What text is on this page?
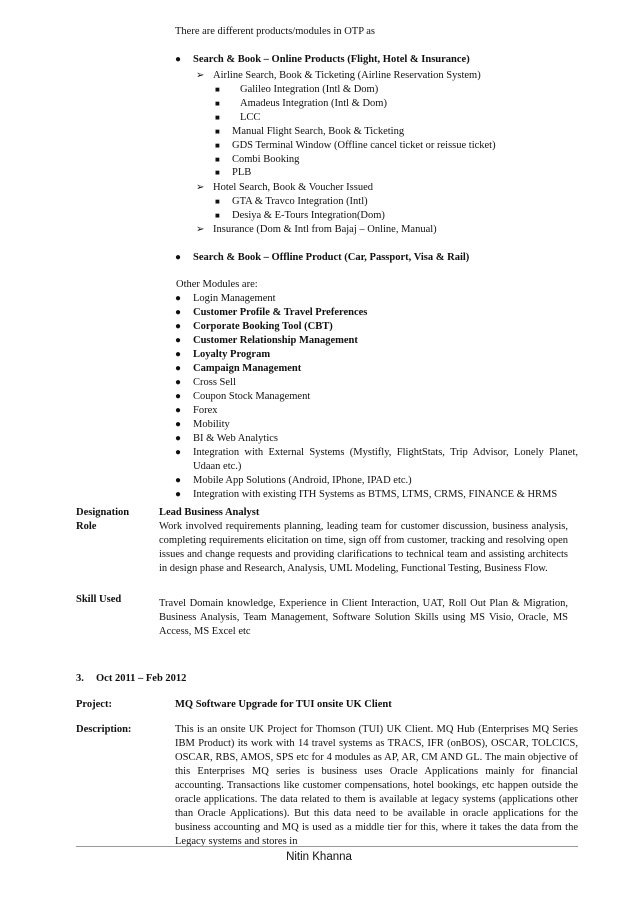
There are different products/modules in OTP as
● Search & Book – Online Products (Flight, Hotel & Insurance)
➢ Airline Search, Book & Ticketing (Airline Reservation System)
■ Galileo Integration (Intl & Dom)
■ Amadeus Integration (Intl & Dom)
■ LCC
■ Manual Flight Search, Book & Ticketing
■ GDS Terminal Window (Offline cancel ticket or reissue ticket)
■ Combi Booking
■ PLB
➢ Hotel Search, Book & Voucher Issued
■ GTA & Travco Integration (Intl)
■ Desiya & E-Tours Integration(Dom)
➢ Insurance (Dom & Intl from Bajaj – Online, Manual)
● Search & Book – Offline Product (Car, Passport, Visa & Rail)
Other Modules are:
● Login Management
● Customer Profile & Travel Preferences
● Corporate Booking Tool (CBT)
● Customer Relationship Management
● Loyalty Program
● Campaign Management
● Cross Sell
● Coupon Stock Management
● Forex
● Mobility
● BI & Web Analytics
● Integration with External Systems (Mystifly, FlightStats, Trip Advisor, Lonely Planet, Udaan etc.)
● Mobile App Solutions (Android, IPhone, IPAD etc.)
● Integration with existing ITH Systems as BTMS, LTMS, CRMS, FINANCE & HRMS
Designation	Lead Business Analyst
Role	Work involved requirements planning, leading team for customer discussion, business analysis, completing requirements elicitation on time, sign off from customer, tracking and resolving open issues and change requests and providing clarifications to technical team and assisting architects in design phase and Research, Analysis, UML Modeling, Functional Testing, Business Flow.
Skill Used	Travel Domain knowledge, Experience in Client Interaction, UAT, Roll Out Plan & Migration, Business Analysis, Team Management, Software Solution Skills using MS Visio, Oracle, MS Access, MS Excel etc
3. Oct 2011 – Feb 2012
Project:	MQ Software Upgrade for TUI onsite UK Client
Description:	This is an onsite UK Project for Thomson (TUI) UK Client. MQ Hub (Enterprises MQ Series IBM Product) its work with 14 travel systems as TRACS, IFR (onBOS), OSCAR, TOLCICS, OSCAR, RBS, AMOS, SPS etc for 4 modules as AP, AR, CM AND GL. The main objective of this Enterprises MQ series is business uses Oracle Applications mainly for financial accounting. Transactions like customer compensations, hotel bookings, etc happen outside the oracle applications. The data related to them is available at legacy systems (applications other than Oracle Applications). But this data need to be available in oracle applications for the business accounting and MQ is used as a middle tier for this, where it takes the data from the Legacy systems and stores in
Nitin Khanna
